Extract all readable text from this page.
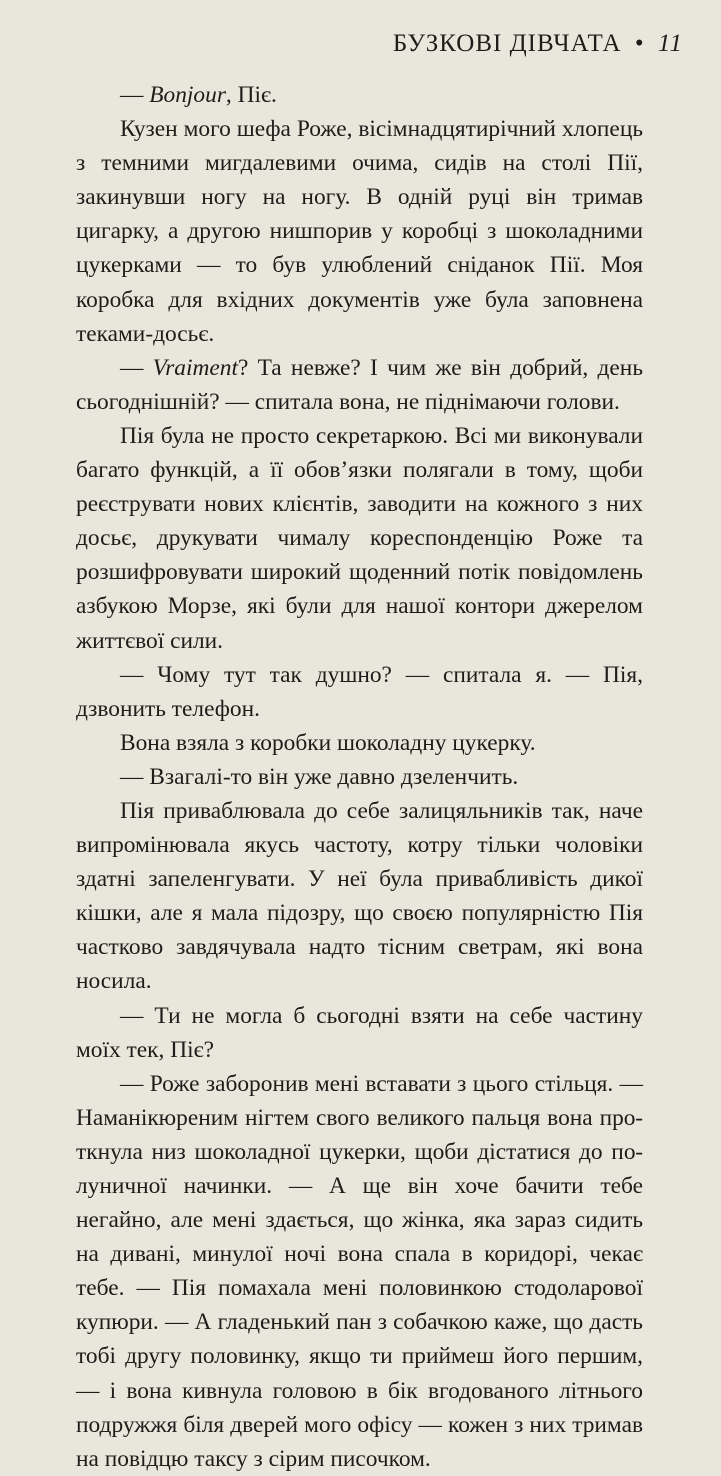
БУЗКОВІ ДІВЧАТА • 11

— Bonjour, Пiє.

Кузен мого шефа Роже, вісімнадцятирічний хлопець з темними мигдалевими очима, сидів на столі Пії, закинувши ногу на ногу. В одній руці він тримав цигарку, а другою нишпорив у коробці з шоколадними цукерками — то був улюблений сніданок Пії. Моя коробка для вхідних документів уже була заповнена теками-досьє.

— Vraiment? Та невже? І чим же він добрий, день сьогоднішній? — спитала вона, не піднімаючи голови.

Пія була не просто секретаркою. Всі ми виконували багато функцій, а її обов’язки полягали в тому, щоби реєструвати нових клієнтів, заводити на кожного з них досьє, друкувати чималу кореспонденцію Роже та розшифровувати широкий щоденний потік повідомлень азбукою Морзе, які були для нашої контори джерелом життєвої сили.

— Чому тут так душно? — спитала я. — Пія, дзвонить телефон.

Вона взяла з коробки шоколадну цукерку.

— Взагалі-то він уже давно дзеленчить.

Пія приваблювала до себе залицяльників так, наче випромінювала якусь частоту, котру тільки чоловіки здатні запеленгувати. У неї була привабливість дикої кішки, але я мала підозру, що своєю популярністю Пія частково завдячувала надто тісним светрам, які вона носила.

— Ти не могла б сьогодні взяти на себе частину моїх тек, Пiє?

— Роже заборонив мені вставати з цього стільця. — Наманікюреним нігтем свого великого пальця вона проткнула низ шоколадної цукерки, щоби дістатися до полуничної начинки. — А ще він хоче бачити тебе негайно, але мені здається, що жінка, яка зараз сидить на дивані, минулої ночі вона спала в коридорі, чекає тебе. — Пія помахала мені половинкою стодоларової купюри. — А гладенький пан з собачкою каже, що дасть тобі другу половинку, якщо ти приймеш його першим, — і вона кивнула головою в бік вгодованого літнього подружжя біля дверей мого офісу — кожен з них тримав на повідцю таксу з сірим писочком.
